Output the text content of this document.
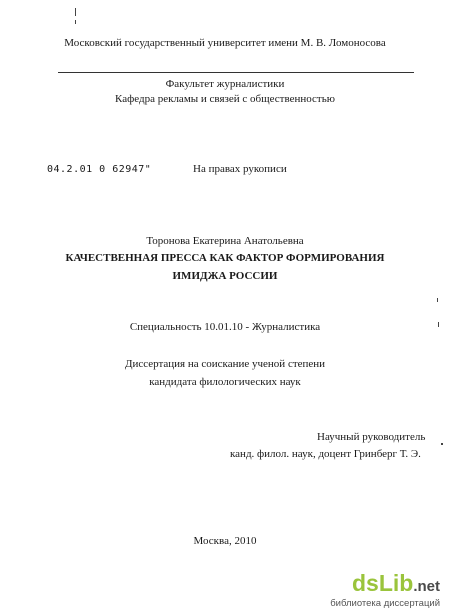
Московский государственный университет имени М. В. Ломоносова
Факультет журналистики
Кафедра рекламы и связей с общественностью
04.2.01 0 62947"	На правах рукописи
Торонова Екатерина Анатольевна
КАЧЕСТВЕННАЯ ПРЕССА КАК ФАКТОР ФОРМИРОВАНИЯ
ИМИДЖА РОССИИ
Специальность 10.01.10 - Журналистика
Диссертация на соискание ученой степени
кандидата филологических наук
Научный руководитель
канд. филол. наук, доцент Гринберг Т. Э.
Москва, 2010
dsLib.net
библиотека диссертаций
